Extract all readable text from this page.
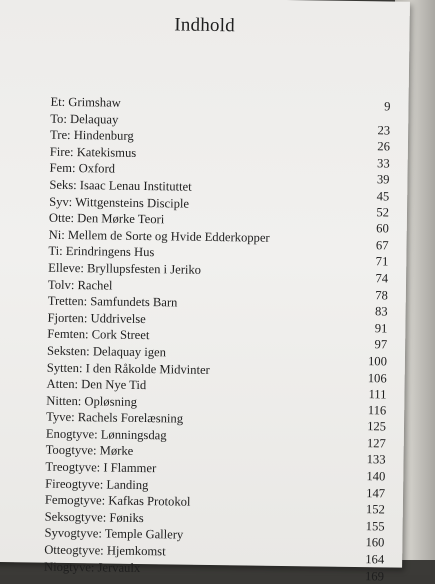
Indhold
Et: Grimshaw	9
To: Delaquay
23
Tre: Hindenburg
26
Fire: Katekismus
33
Fem: Oxford
39
Seks: Isaac Lenau Instituttet
45
Syv: Wittgensteins Disciple
52
Otte: Den Mørke Teori
60
Ni: Mellem de Sorte og Hvide Edderkopper
67
Ti: Erindringens Hus
71
Elleve: Bryllupsfesten i Jeriko
74
Tolv: Rachel
78
Tretten: Samfundets Barn
83
Fjorten: Uddrivelse
91
Femten: Cork Street
97
Seksten: Delaquay igen
100
Sytten: I den Råkolde Midvinter
106
Atten: Den Nye Tid
111
Nitten: Opløsning
116
Tyve: Rachels Forelæsning
125
Enogtyve: Lønningsdag
127
Toogtyve: Mørke
133
Treogtyve: I Flammer
140
Fireogtyve: Landing
147
Femogtyve: Kafkas Protokol
152
Seksogtyve: Føniks
155
Syvogtyve: Temple Gallery
160
Otteogtyve: Hjemkomst
164
Niogtyve: Jervaulx
169
